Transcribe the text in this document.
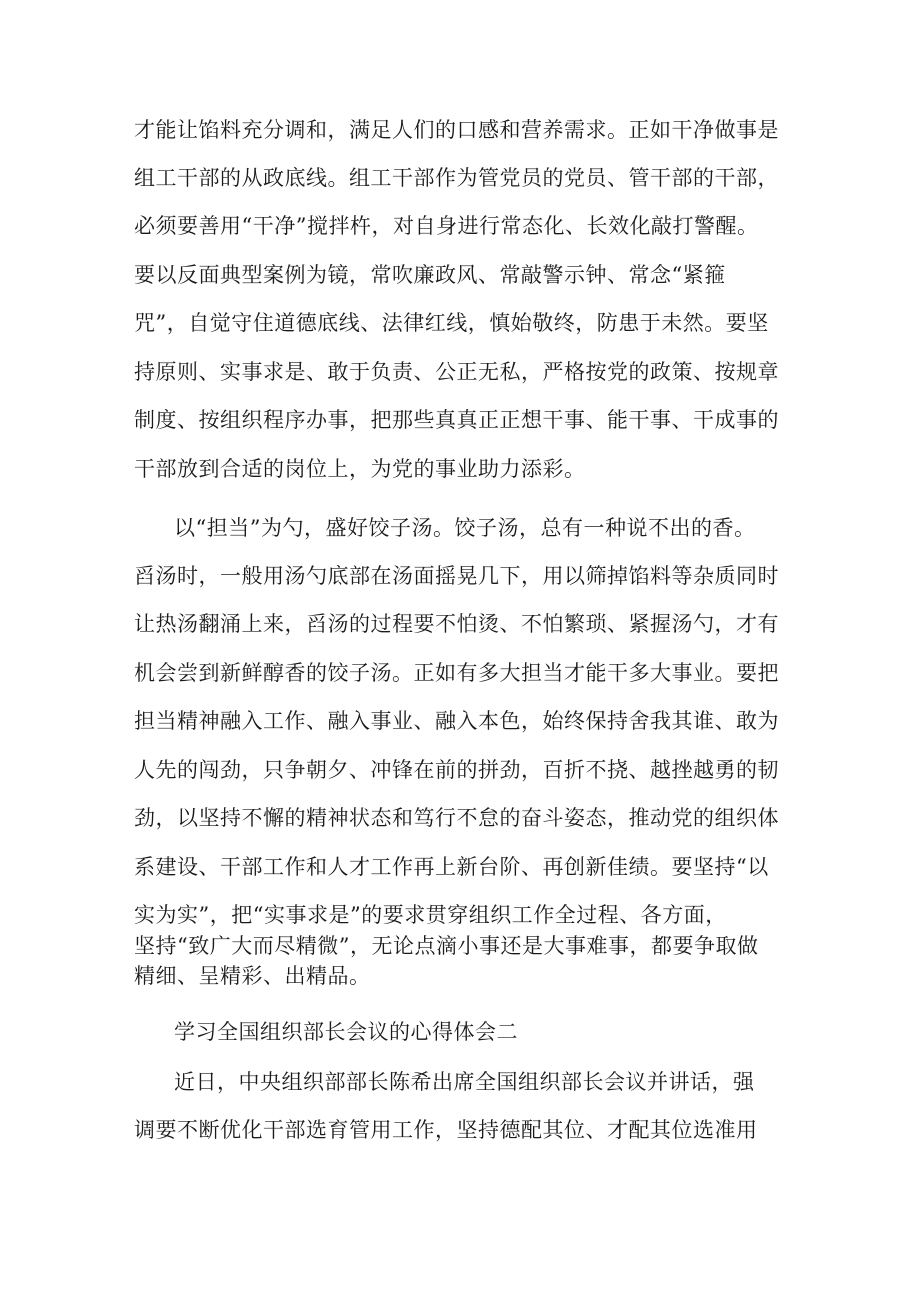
才能让馅料充分调和，满足人们的口感和营养需求。正如干净做事是
组工干部的从政底线。组工干部作为管党员的党员、管干部的干部，
必须要善用“干净”搅拌杵，对自身进行常态化、长效化敲打警醒。
要以反面典型案例为镜，常吹廉政风、常敲警示钟、常念“紧箍
咒”，自觉守住道德底线、法律红线，慎始敬终，防患于未然。要坚
持原则、实事求是、敢于负责、公正无私，严格按党的政策、按规章
制度、按组织程序办事，把那些真真正正想干事、能干事、干成事的
干部放到合适的岗位上，为党的事业助力添彩。
以“担当”为勺，盛好饺子汤。饺子汤，总有一种说不出的香。
舀汤时，一般用汤勺底部在汤面摇晃几下，用以筛掉馅料等杂质同时
让热汤翻涌上来，舀汤的过程要不怕烫、不怕繁琐、紧握汤勺，才有
机会尝到新鲜醇香的饺子汤。正如有多大担当才能干多大事业。要把
担当精神融入工作、融入事业、融入本色，始终保持舍我其谁、敢为
人先的闯劲，只争朝夕、冲锋在前的拼劲，百折不挠、越挫越勇的韧
劲，以坚持不懈的精神状态和笃行不怠的奋斗姿态，推动党的组织体
系建设、干部工作和人才工作再上新台阶、再创新佳绩。要坚持“以
实为实”，把“实事求是”的要求贯穿组织工作全过程、各方面，
坚持“致广大而尽精微”，无论点滴小事还是大事难事，都要争取做
精细、呈精彩、出精品。
学习全国组织部长会议的心得体会二
近日，中央组织部部长陈希出席全国组织部长会议并讲话，强
调要不断优化干部选育管用工作，坚持德配其位、才配其位选准用
